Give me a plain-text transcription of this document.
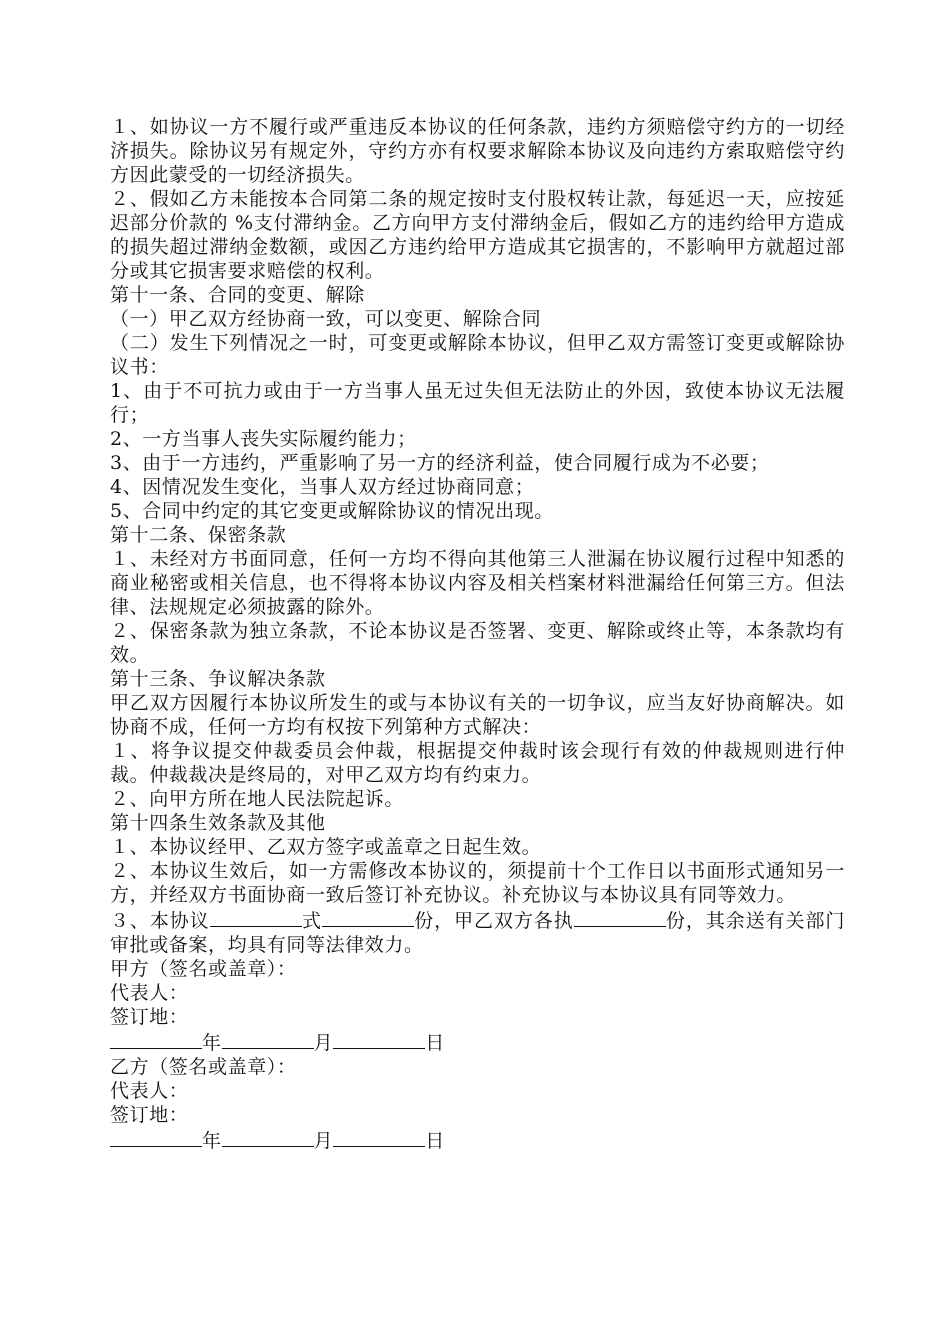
１、如协议一方不履行或严重违反本协议的任何条款，违约方须赔偿守约方的一切经济损失。除协议另有规定外，守约方亦有权要求解除本协议及向违约方索取赔偿守约方因此蒙受的一切经济损失。

２、假如乙方未能按本合同第二条的规定按时支付股权转让款，每延迟一天，应按延迟部分价款的 %支付滞纳金。乙方向甲方支付滞纳金后，假如乙方的违约给甲方造成的损失超过滞纳金数额，或因乙方违约给甲方造成其它损害的，不影响甲方就超过部分或其它损害要求赔偿的权利。

第十一条、合同的变更、解除

（一）甲乙双方经协商一致，可以变更、解除合同

（二）发生下列情况之一时，可变更或解除本协议，但甲乙双方需签订变更或解除协议书：

1、由于不可抗力或由于一方当事人虽无过失但无法防止的外因，致使本协议无法履行；

2、一方当事人丧失实际履约能力；

3、由于一方违约，严重影响了另一方的经济利益，使合同履行成为不必要；

4、因情况发生变化，当事人双方经过协商同意；

5、合同中约定的其它变更或解除协议的情况出现。

第十二条、保密条款

１、未经对方书面同意，任何一方均不得向其他第三人泄漏在协议履行过程中知悉的商业秘密或相关信息，也不得将本协议内容及相关档案材料泄漏给任何第三方。但法律、法规规定必须披露的除外。

２、保密条款为独立条款，不论本协议是否签署、变更、解除或终止等，本条款均有效。

第十三条、争议解决条款

甲乙双方因履行本协议所发生的或与本协议有关的一切争议，应当友好协商解决。如协商不成，任何一方均有权按下列第种方式解决：

１、将争议提交仲裁委员会仲裁，根据提交仲裁时该会现行有效的仲裁规则进行仲裁。仲裁裁决是终局的，对甲乙双方均有约束力。

２、向甲方所在地人民法院起诉。

第十四条生效条款及其他

１、本协议经甲、乙双方签字或盖章之日起生效。

２、本协议生效后，如一方需修改本协议的，须提前十个工作日以书面形式通知另一方，并经双方书面协商一致后签订补充协议。补充协议与本协议具有同等效力。

３、本协议	式	份，甲乙双方各执	份，其余送有关部门审批或备案，均具有同等法律效力。

甲方（签名或盖章）：

代表人：

签订地：

年	月	日

乙方（签名或盖章）：

代表人：

签订地：

年	月	日
